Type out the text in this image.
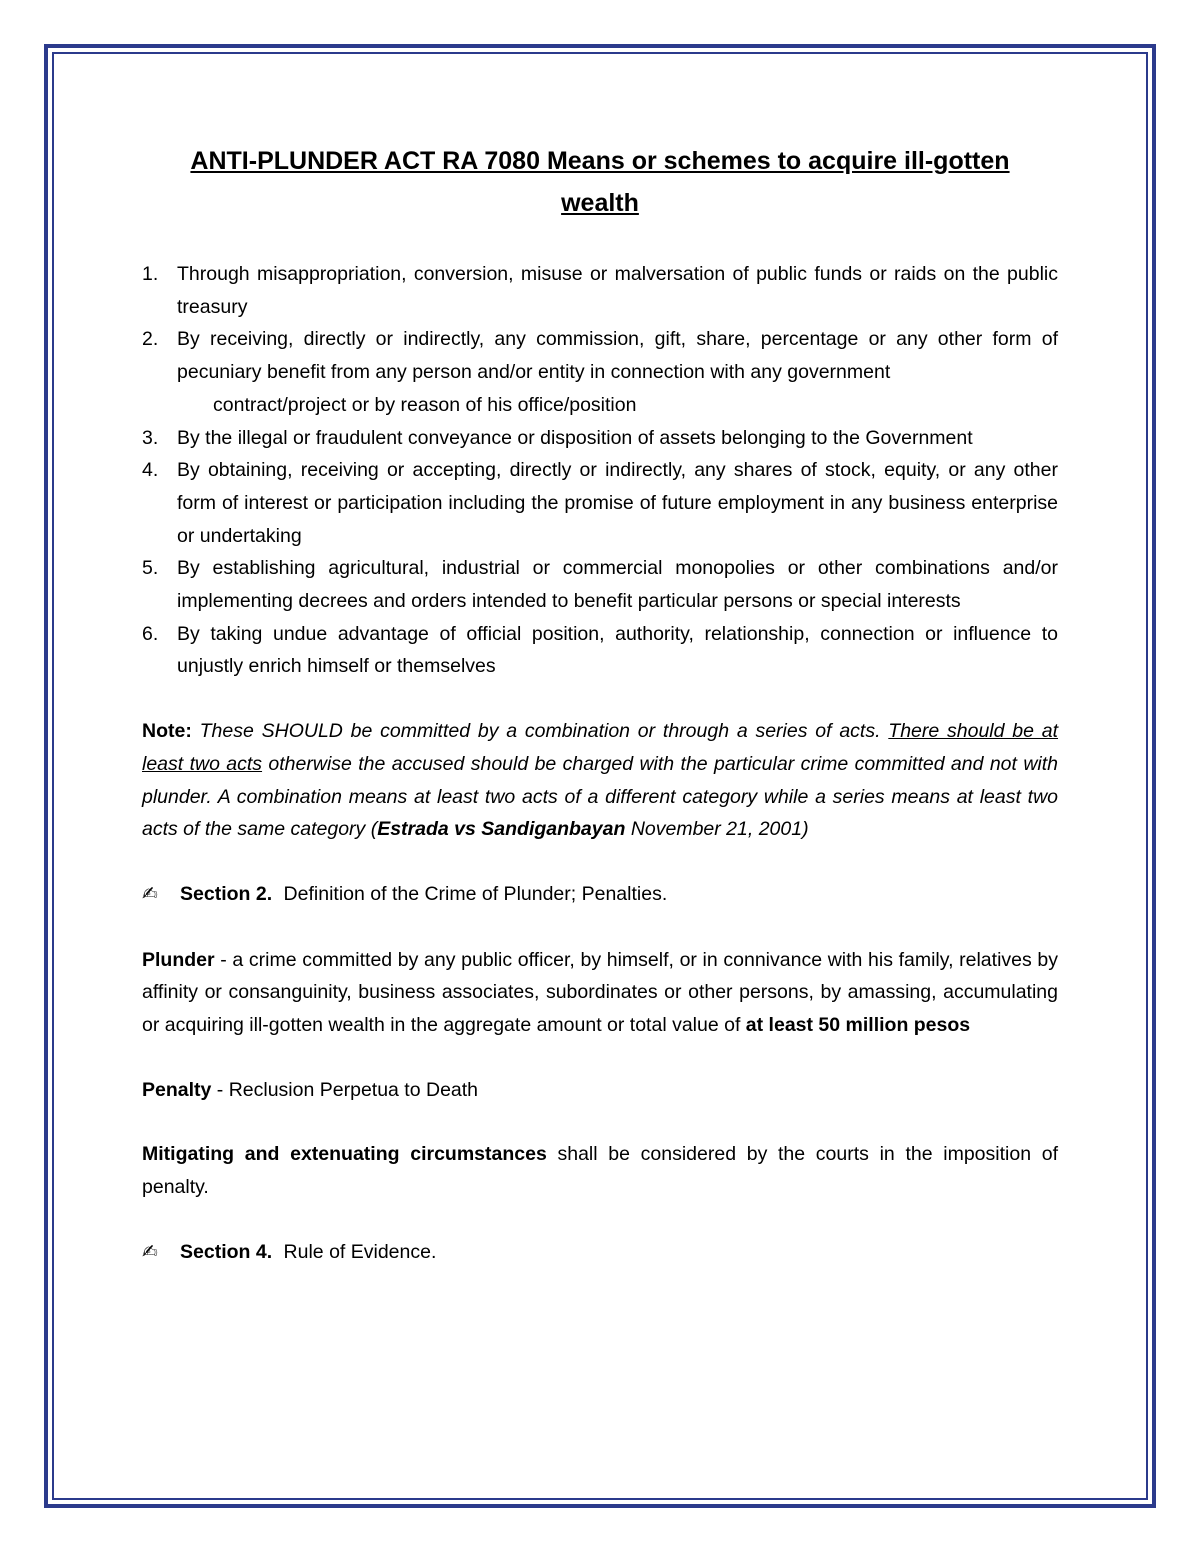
ANTI-PLUNDER ACT RA 7080 Means or schemes to acquire ill-gotten wealth
1. Through misappropriation, conversion, misuse or malversation of public funds or raids on the public treasury
2. By receiving, directly or indirectly, any commission, gift, share, percentage or any other form of pecuniary benefit from any person and/or entity in connection with any government
contract/project or by reason of his office/position
3. By the illegal or fraudulent conveyance or disposition of assets belonging to the Government
4. By obtaining, receiving or accepting, directly or indirectly, any shares of stock, equity, or any other form of interest or participation including the promise of future employment in any business enterprise or undertaking
5. By establishing agricultural, industrial or commercial monopolies or other combinations and/or implementing decrees and orders intended to benefit particular persons or special interests
6. By taking undue advantage of official position, authority, relationship, connection or influence to unjustly enrich himself or themselves

Note: These SHOULD be committed by a combination or through a series of acts. There should be at least two acts otherwise the accused should be charged with the particular crime committed and not with plunder. A combination means at least two acts of a different category while a series means at least two acts of the same category (Estrada vs Sandiganbayan November 21, 2001)

✍ Section 2. Definition of the Crime of Plunder; Penalties.

Plunder - a crime committed by any public officer, by himself, or in connivance with his family, relatives by affinity or consanguinity, business associates, subordinates or other persons, by amassing, accumulating or acquiring ill-gotten wealth in the aggregate amount or total value of at least 50 million pesos

Penalty - Reclusion Perpetua to Death

Mitigating and extenuating circumstances shall be considered by the courts in the imposition of penalty.

✍ Section 4. Rule of Evidence.
